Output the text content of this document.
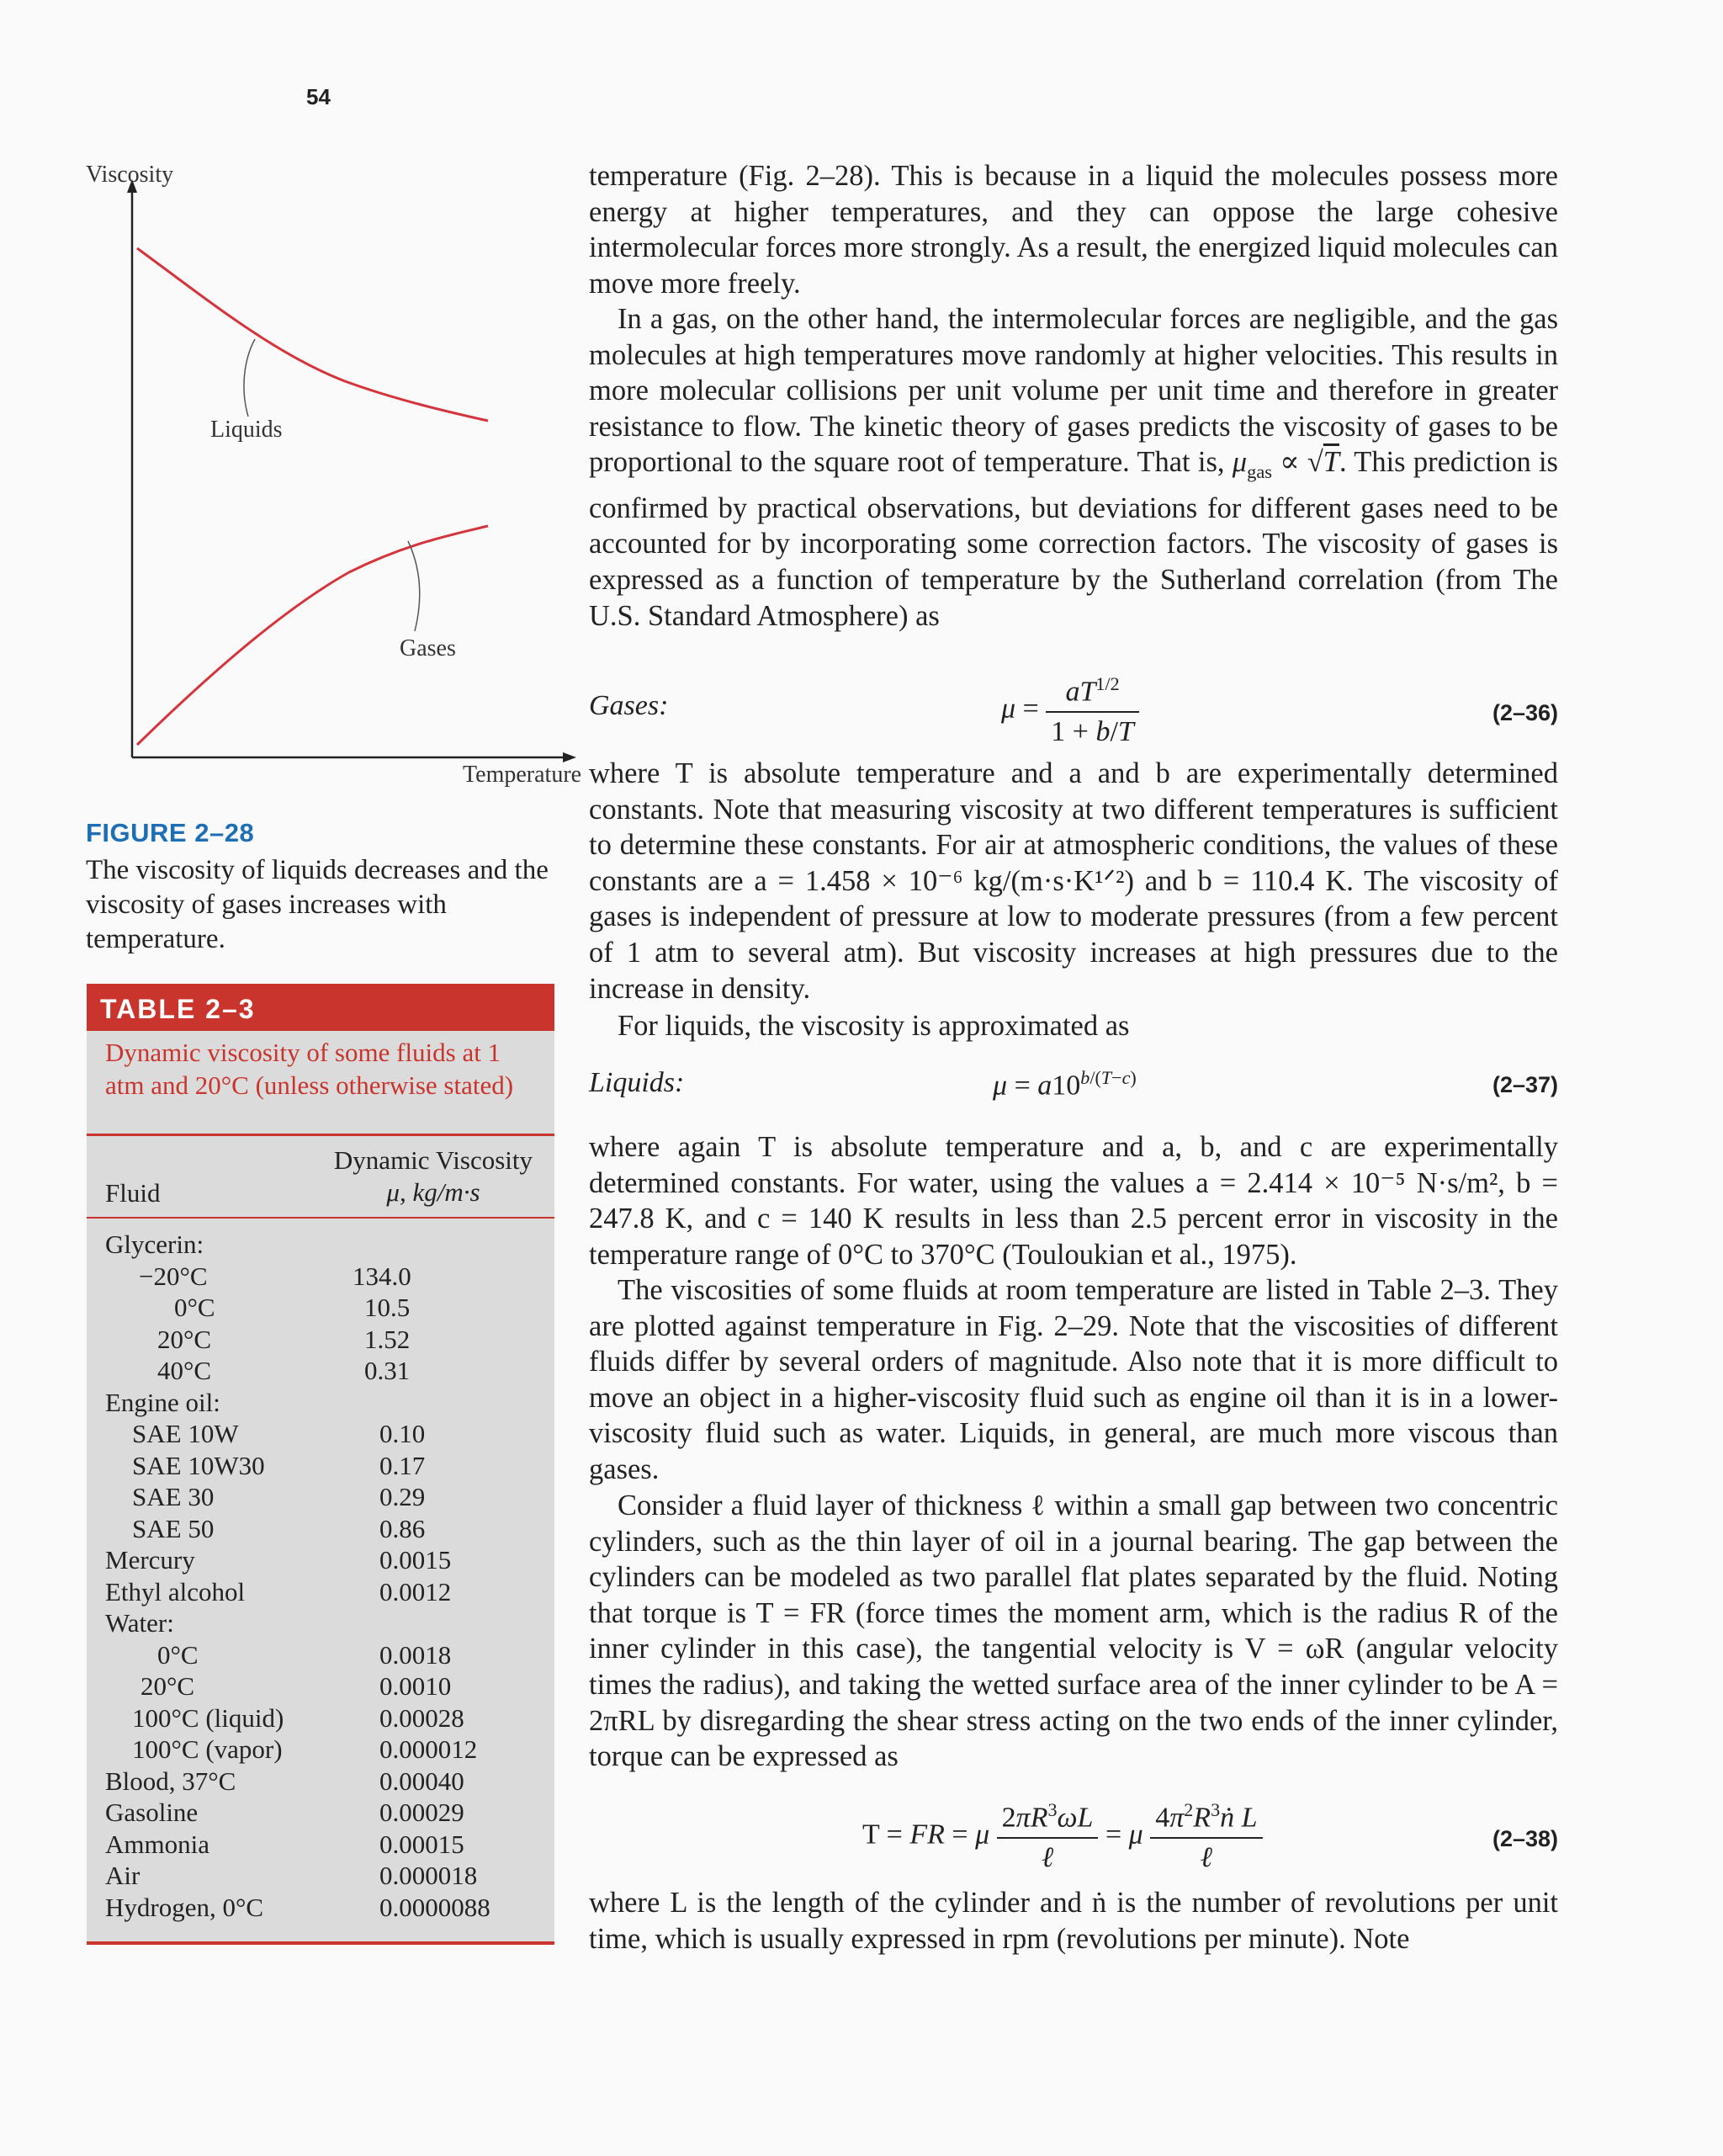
54
Viscosity
Temperature
Liquids
Gases
FIGURE 2–28
The viscosity of liquids decreases and the viscosity of gases increases with temperature.
TABLE 2–3
Dynamic viscosity of some fluids at 1 atm and 20°C (unless otherwise stated)
Fluid
Dynamic Viscosity
μ, kg/m·s
Glycerin:
−20°C	134.0
0°C	10.5
20°C	1.52
40°C	0.31
Engine oil:
SAE 10W	0.10
SAE 10W30	0.17
SAE 30	0.29
SAE 50	0.86
Mercury	0.0015
Ethyl alcohol	0.0012
Water:
0°C	0.0018
20°C	0.0010
100°C (liquid)	0.00028
100°C (vapor)	0.000012
Blood, 37°C	0.00040
Gasoline	0.00029
Ammonia	0.00015
Air	0.000018
Hydrogen, 0°C	0.0000088
temperature (Fig. 2–28). This is because in a liquid the molecules possess more energy at higher temperatures, and they can oppose the large cohesive intermolecular forces more strongly. As a result, the energized liquid molecules can move more freely.
In a gas, on the other hand, the intermolecular forces are negligible, and the gas molecules at high temperatures move randomly at higher velocities. This results in more molecular collisions per unit volume per unit time and therefore in greater resistance to flow. The kinetic theory of gases predicts the viscosity of gases to be proportional to the square root of temperature. That is, $\mu_{gas} \propto √T$. This prediction is confirmed by practical observations, but deviations for different gases need to be accounted for by incorporating some correction factors. The viscosity of gases is expressed as a function of temperature by the Sutherland correlation (from The U.S. Standard Atmosphere) as
Gases:	$\mu = \frac{aT^{1/2}}{1 + b/T}$	(2–36)
where T is absolute temperature and a and b are experimentally determined constants. Note that measuring viscosity at two different temperatures is sufficient to determine these constants. For air at atmospheric conditions, the values of these constants are a = 1.458 × 10⁻⁶ kg/(m·s·K¹ᐟ²) and b = 110.4 K. The viscosity of gases is independent of pressure at low to moderate pressures (from a few percent of 1 atm to several atm). But viscosity increases at high pressures due to the increase in density.
For liquids, the viscosity is approximated as
Liquids:	$\mu = a10^{b/(T-c)}$	(2–37)
where again T is absolute temperature and a, b, and c are experimentally determined constants. For water, using the values a = 2.414 × 10⁻⁵ N·s/m², b = 247.8 K, and c = 140 K results in less than 2.5 percent error in viscosity in the temperature range of 0°C to 370°C (Touloukian et al., 1975).
The viscosities of some fluids at room temperature are listed in Table 2–3. They are plotted against temperature in Fig. 2–29. Note that the viscosities of different fluids differ by several orders of magnitude. Also note that it is more difficult to move an object in a higher-viscosity fluid such as engine oil than it is in a lower-viscosity fluid such as water. Liquids, in general, are much more viscous than gases.
Consider a fluid layer of thickness ℓ within a small gap between two concentric cylinders, such as the thin layer of oil in a journal bearing. The gap between the cylinders can be modeled as two parallel flat plates separated by the fluid. Noting that torque is T = FR (force times the moment arm, which is the radius R of the inner cylinder in this case), the tangential velocity is V = ωR (angular velocity times the radius), and taking the wetted surface area of the inner cylinder to be A = 2πRL by disregarding the shear stress acting on the two ends of the inner cylinder, torque can be expressed as
T = FR = μ $\frac{2\pi R^3\omega L}{\text{ℓ}} = \mu \frac{4\pi^2R^3ṅ L}{\text{ℓ}}$	(2–38)
where L is the length of the cylinder and ṅ is the number of revolutions per unit time, which is usually expressed in rpm (revolutions per minute). Note
